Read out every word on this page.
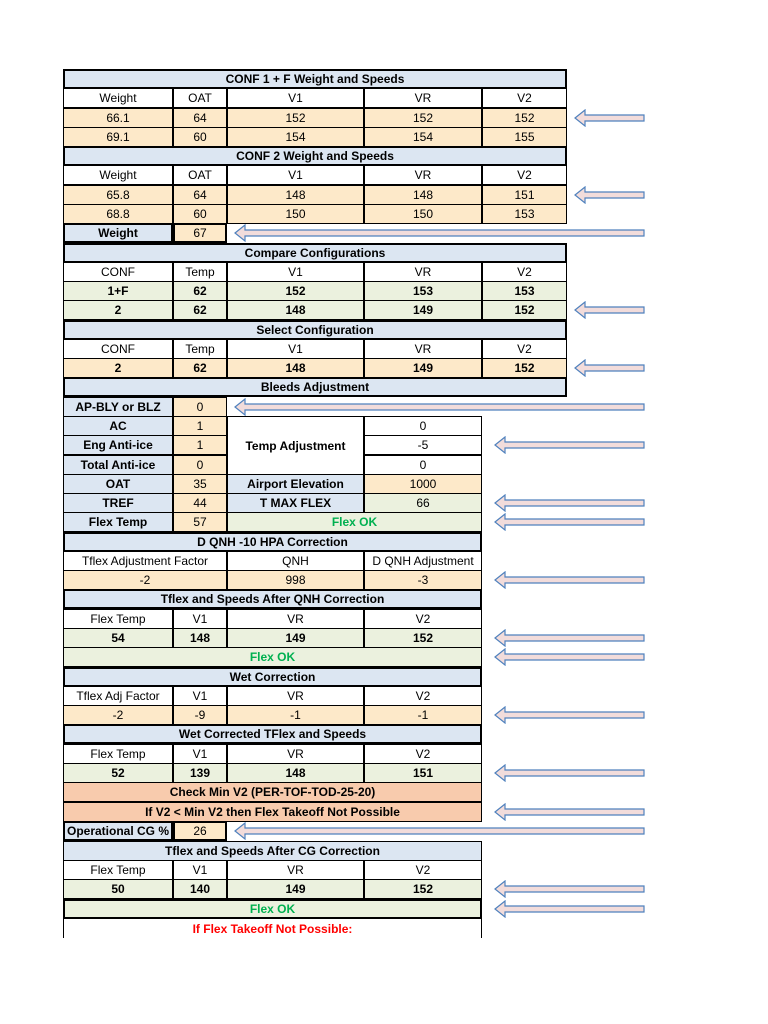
CONF 1 + F Weight and Speeds
Weight	OAT	V1	VR	V2
66.1	64	152	152	152
69.1	60	154	154	155
CONF 2 Weight and Speeds
Weight	OAT	V1	VR	V2
65.8	64	148	148	151
68.8	60	150	150	153
Weight	67
Compare Configurations
CONF	Temp	V1	VR	V2
1+F	62	152	153	153
2	62	148	149	152
Select Configuration
CONF	Temp	V1	VR	V2
2	62	148	149	152
Bleeds Adjustment
AP-BLY or BLZ	0
AC	1	0
Eng Anti-ice	1	Temp Adjustment	-5
Total Anti-ice	0	0
OAT	35	Airport Elevation	1000
TREF	44	T MAX FLEX	66
Flex Temp	57	Flex OK
D QNH -10 HPA Correction
Tflex Adjustment Factor	QNH	D QNH Adjustment
-2	998	-3
Tflex and Speeds After QNH Correction
Flex Temp	V1	VR	V2
54	148	149	152
Flex OK
Wet Correction
Tflex Adj Factor	V1	VR	V2
-2	-9	-1	-1
Wet Corrected TFlex and Speeds
Flex Temp	V1	VR	V2
52	139	148	151
Check Min V2 (PER-TOF-TOD-25-20)
If V2 < Min V2 then Flex Takeoff Not Possible
Operational CG %	26
Tflex and Speeds After CG Correction
Flex Temp	V1	VR	V2
50	140	149	152
Flex OK
If Flex Takeoff Not Possible:
